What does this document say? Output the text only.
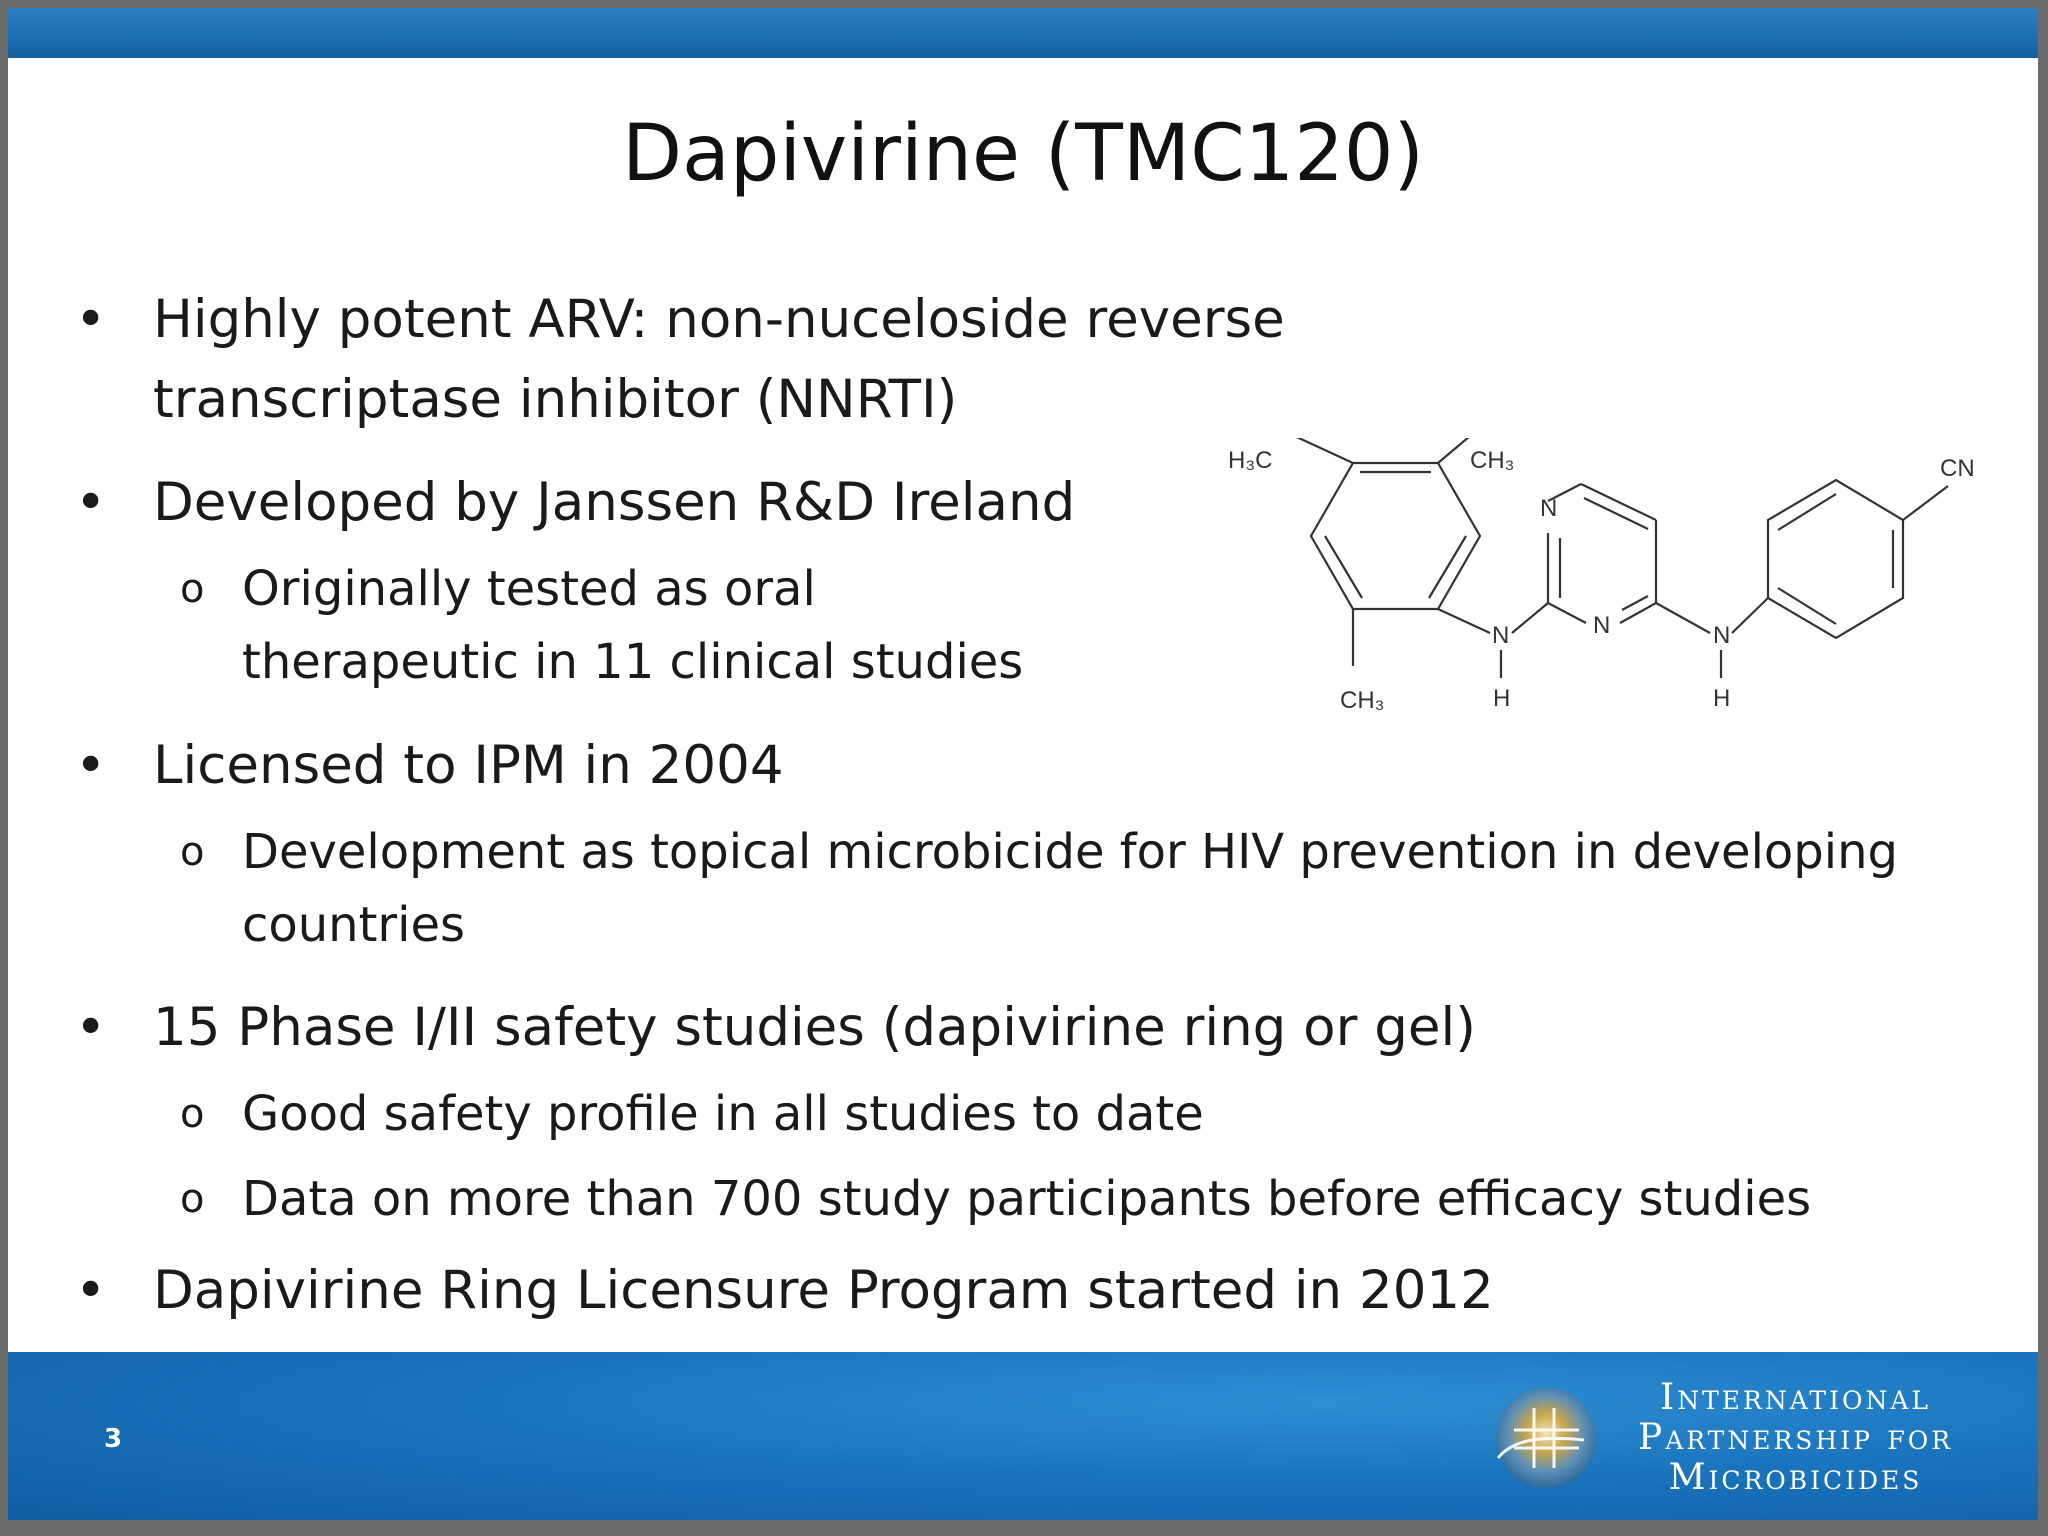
Dapivirine (TMC120)
• Highly potent ARV: non-nuceloside reverse
transcriptase inhibitor (NNRTI)
• Developed by Janssen R&D Ireland
o Originally tested as oral
therapeutic in 11 clinical studies
• Licensed to IPM in 2004
o Development as topical microbicide for HIV prevention in developing
countries
• 15 Phase I/II safety studies (dapivirine ring or gel)
o Good safety profile in all studies to date
o Data on more than 700 study participants before efficacy studies
• Dapivirine Ring Licensure Program started in 2012
H₃C	CH₃
CH₃
CN
N
N
N	N
H	H
3
International
Partnership for
Microbicides
